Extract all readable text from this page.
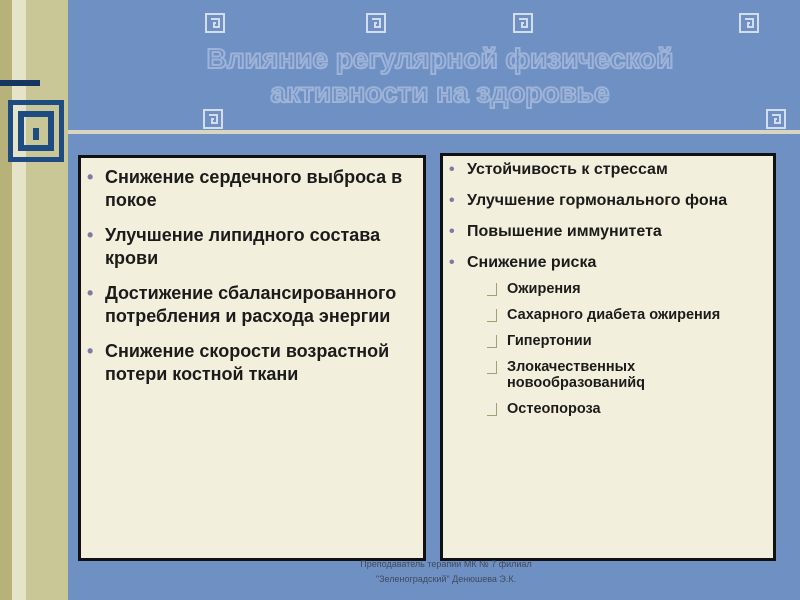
Влияние регулярной физической
активности на здоровье
• Снижение сердечного выброса в покое
• Улучшение липидного состава крови
• Достижение сбалансированного потребления и расхода энергии
• Снижение скорости возрастной потери костной ткани
• Устойчивость к стрессам
• Улучшение гормонального фона
• Повышение иммунитета
• Снижение риска
Ожирения
Сахарного диабета ожирения
Гипертонии
Злокачественных новообразованийq
Остеопороза
Преподаватель терапии МК № 7 филиал
"Зеленоградский" Денюшева Э.К.
